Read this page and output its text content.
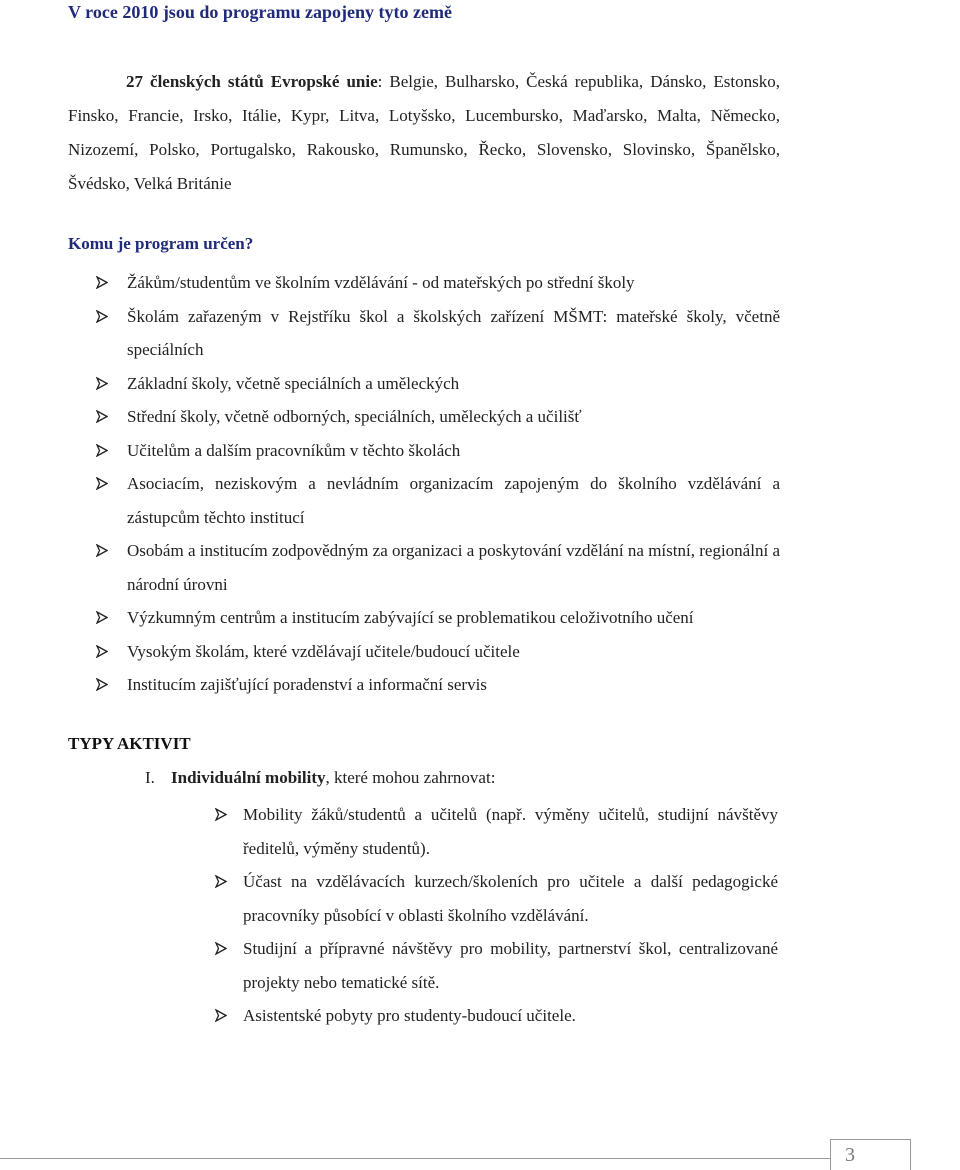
V roce 2010 jsou do programu zapojeny tyto země
27 členských států Evropské unie: Belgie, Bulharsko, Česká republika, Dánsko, Estonsko, Finsko, Francie, Irsko, Itálie, Kypr, Litva, Lotyšsko, Lucembursko, Maďarsko, Malta, Německo, Nizozemí, Polsko, Portugalsko, Rakousko, Rumunsko, Řecko, Slovensko, Slovinsko, Španělsko, Švédsko, Velká Británie
Komu je program určen?
Žákům/studentům ve školním vzdělávání - od mateřských po střední školy
Školám zařazeným v Rejstříku škol a školských zařízení MŠMT: mateřské školy, včetně speciálních
Základní školy, včetně speciálních a uměleckých
Střední školy, včetně odborných, speciálních, uměleckých a učilišť
Učitelům a dalším pracovníkům v těchto školách
Asociacím, neziskovým a nevládním organizacím zapojeným do školního vzdělávání a zástupcům těchto institucí
Osobám a institucím zodpovědným za organizaci a poskytování vzdělání na místní, regionální a národní úrovni
Výzkumným centrům a institucím zabývající se problematikou celoživotního učení
Vysokým školám, které vzdělávají učitele/budoucí učitele
Institucím zajišťující poradenství a informační servis
TYPY AKTIVIT
I. Individuální mobility, které mohou zahrnovat:
Mobility žáků/studentů a učitelů (např. výměny učitelů, studijní návštěvy ředitelů, výměny studentů).
Účast na vzdělávacích kurzech/školeních pro učitele a další pedagogické pracovníky působící v oblasti školního vzdělávání.
Studijní a přípravné návštěvy pro mobility, partnerství škol, centralizované projekty nebo tematické sítě.
Asistentské pobyty pro studenty-budoucí učitele.
3
